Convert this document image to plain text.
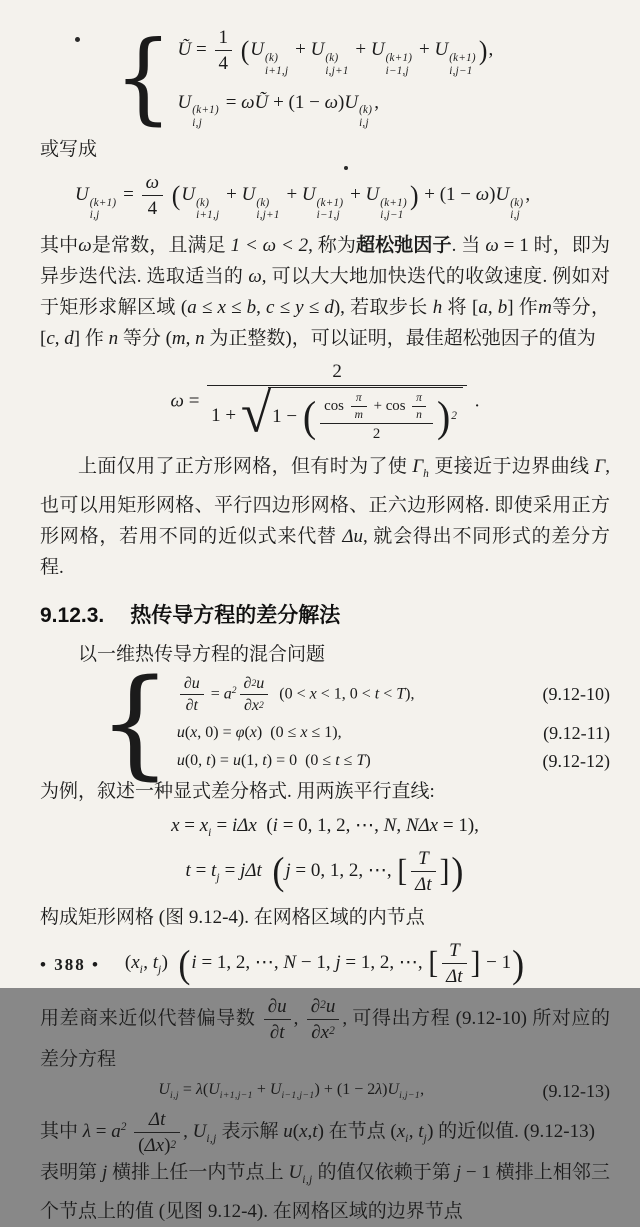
{ Ũ = $\frac{1}{4} (U$ (k)
i+1,j
+ U (k)
i,j+1
+ U (k+1)
i−1,j
+ U (k+1)
i,j−1
),
U (k+1)
i,j
= ωŨ + (1 − ω)U (k)
i,j
,

或写成

U (k+1)
i,j
= $\frac{\omega}{4} (U$ (k)
i+1,j
+ U (k)
i,j+1
+ U (k+1)
i−1,j
+ U (k+1)
i,j−1
) + (1 − ω)U (k)
i,j
,

其中ω是常数，且满足 1 < ω < 2, 称为超松弛因子. 当 ω = 1 时，即为异步迭代法. 选取适当的 ω, 可以大大地加快迭代的收敛速度. 例如对于矩形求解区域 (a ≤ x ≤ b, c ≤ y ≤ d), 若取步长 h 将 [a, b] 作m等分，[c, d] 作 n 等分 (m, n 为正整数)，可以证明，最佳超松弛因子的值为

$\omega = \frac{2}{1 + √ 1 - ( \frac{\cos \frac{\pi}{m} + \cos \frac{\pi}{n}}{2} ) 2}$ .

上面仅用了正方形网格，但有时为了使 $\Gamma_h$ 更接近于边界曲线 Γ, 也可以用矩形网格、平行四边形网格、正六边形网格. 即使采用正方形网格，若用不同的近似式来代替 Δu, 就会得出不同形式的差分方程.

9.12.3. 热传导方程的差分解法

以一维热传导方程的混合问题

{ $\frac{\partial u}{\partial t} = a^2 \frac{\partial 2 u}{\partial x 2} (0 < x < 1$, 0 < t < T),	(9.12-10)
u(x, 0) = φ(x)  (0 ≤ x ≤ 1),	(9.12-11)
u(0, t) = u(1, t) = 0  (0 ≤ t ≤ T)	(9.12-12)

为例，叙述一种显式差分格式. 用两族平行直线:

$x = x_i = i\Delta x$  (i = 0, 1, 2, ⋯, N, NΔx = 1),
$t = t_j = j\Delta t$ (j = 0, 1, 2, ⋯, [ $\frac{T}{\Delta t}$ ])

构成矩形网格 (图 9.12-4). 在网格区域的内节点

($x_i$, $t_j$)  (i = 1, 2, ⋯, N − 1, j = 1, 2, ⋯, [ $\frac{T}{\Delta t}$ ] − 1)

用差商来近似代替偏导数 $\frac{\partial u}{\partial t}$ , $\frac{\partial 2 u}{\partial x 2}$ , 可得出方程 (9.12-10) 所对应的差分方程

$U_{i,j} = \lambda(U_{i+1,j-1} + U_{i-1,j-1}) + (1 - 2\lambda)U_{i,j-1}$,	(9.12-13)

其中 $\lambda = a^2 \frac{\Delta t}{( \Delta x ) 2}$ , $U_{i,j}$ 表示解 u(x,t) 在节点 ($x_i$, $t_j$) 的近似值. (9.12-13)

表明第 j 横排上任一内节点上 $U_{i,j}$ 的值仅依赖于第 j − 1 横排上相邻三个节点上的值 (见图 9.12-4). 在网格区域的边界节点

• 388 •
